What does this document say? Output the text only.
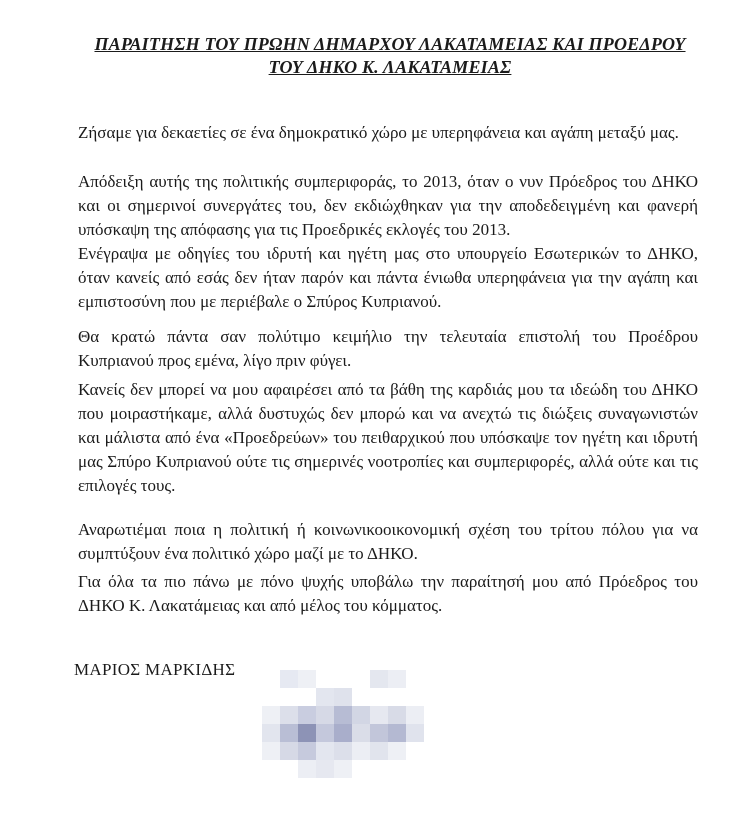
ΠΑΡΑΙΤΗΣΗ ΤΟΥ ΠΡΩΗΝ ΔΗΜΑΡΧΟΥ ΛΑΚΑΤΑΜΕΙΑΣ ΚΑΙ ΠΡΟΕΔΡΟΥ
ΤΟΥ ΔΗΚΟ Κ. ΛΑΚΑΤΑΜΕΙΑΣ

Ζήσαμε για δεκαετίες σε ένα δημοκρατικό χώρο με υπερηφάνεια και αγάπη μεταξύ μας.

Απόδειξη αυτής της πολιτικής συμπεριφοράς, το 2013, όταν ο νυν Πρόεδρος του ΔΗΚΟ και οι σημερινοί συνεργάτες του, δεν εκδιώχθηκαν για την αποδεδειγμένη και φανερή υπόσκαψη της απόφασης για τις Προεδρικές εκλογές του 2013.

Ενέγραψα με οδηγίες του ιδρυτή και ηγέτη μας στο υπουργείο Εσωτερικών το ΔΗΚΟ, όταν κανείς από εσάς δεν ήταν παρόν και πάντα ένιωθα υπερηφάνεια για την αγάπη και εμπιστοσύνη που με περιέβαλε ο Σπύρος Κυπριανού.

Θα κρατώ πάντα σαν πολύτιμο κειμήλιο την τελευταία επιστολή του Προέδρου Κυπριανού προς εμένα, λίγο πριν φύγει.

Κανείς δεν μπορεί να μου αφαιρέσει από τα βάθη της καρδιάς μου τα ιδεώδη του ΔΗΚΟ που μοιραστήκαμε, αλλά δυστυχώς δεν μπορώ και να ανεχτώ τις διώξεις συναγωνιστών και μάλιστα από ένα «Προεδρεύων» του πειθαρχικού που υπόσκαψε τον ηγέτη και ιδρυτή μας Σπύρο Κυπριανού ούτε τις σημερινές νοοτροπίες και συμπεριφορές, αλλά ούτε και τις επιλογές τους.

Αναρωτιέμαι ποια η πολιτική ή κοινωνικοοικονομική σχέση του τρίτου πόλου για να συμπτύξουν ένα πολιτικό χώρο μαζί με το ΔΗΚΟ.

Για όλα τα πιο πάνω με πόνο ψυχής υποβάλω την παραίτησή μου από Πρόεδρος του ΔΗΚΟ Κ. Λακατάμειας και από μέλος του κόμματος.

ΜΑΡΙΟΣ ΜΑΡΚΙΔΗΣ
